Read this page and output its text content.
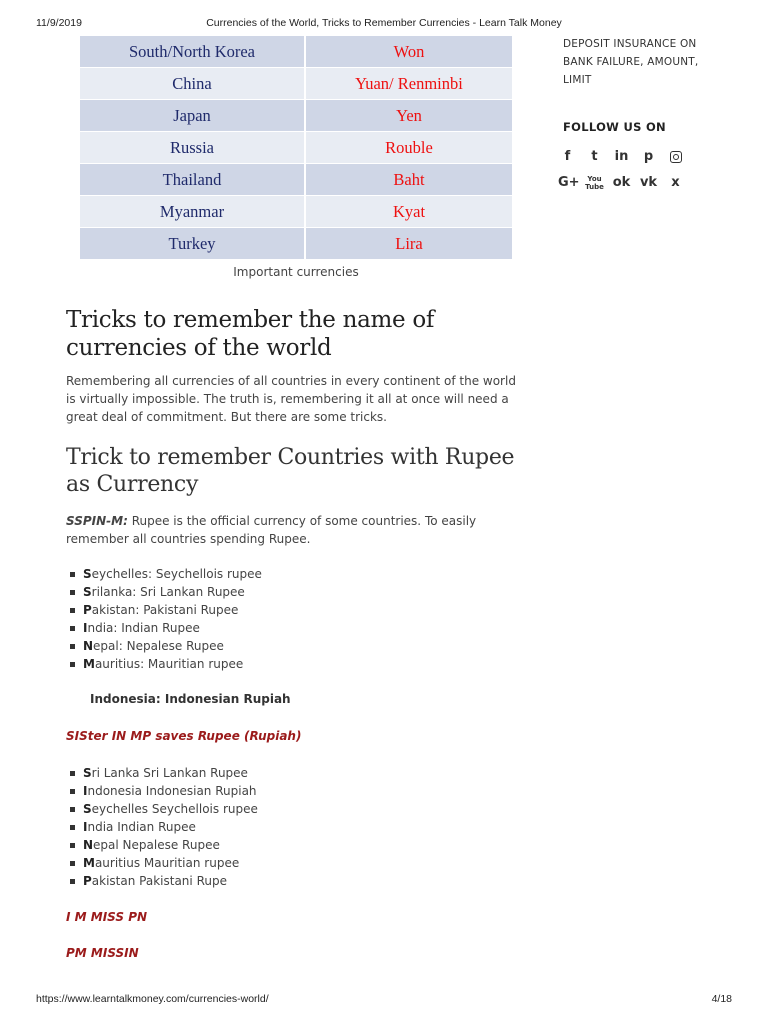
11/9/2019	Currencies of the World, Tricks to Remember Currencies - Learn Talk Money
South/North Korea	Won
China	Yuan/ Renminbi
Japan	Yen
Russia	Rouble
Thailand	Baht
Myanmar	Kyat
Turkey	Lira
Important currencies
Tricks to remember the name of currencies of the world

Remembering all currencies of all countries in every continent of the world is virtually impossible. The truth is, remembering it all at once will need a great deal of commitment. But there are some tricks.

Trick to remember Countries with Rupee as Currency

SSPIN-M: Rupee is the official currency of some countries. To easily remember all countries spending Rupee.

Seychelles: Seychellois rupee
Srilanka: Sri Lankan Rupee
Pakistan: Pakistani Rupee
India: Indian Rupee
Nepal: Nepalese Rupee
Mauritius: Mauritian rupee

Indonesia: Indonesian Rupiah

SISter IN MP saves Rupee (Rupiah)

Sri Lanka Sri Lankan Rupee
Indonesia Indonesian Rupiah
Seychelles Seychellois rupee
India Indian Rupee
Nepal Nepalese Rupee
Mauritius Mauritian rupee
Pakistan Pakistani Rupe

I M MISS PN

PM MISSIN

DEPOSIT INSURANCE ON BANK FAILURE, AMOUNT, LIMIT

FOLLOW US ON

f	t	in	p
G+	You Tube ok vk	x
https://www.learntalkmoney.com/currencies-world/	4/18
